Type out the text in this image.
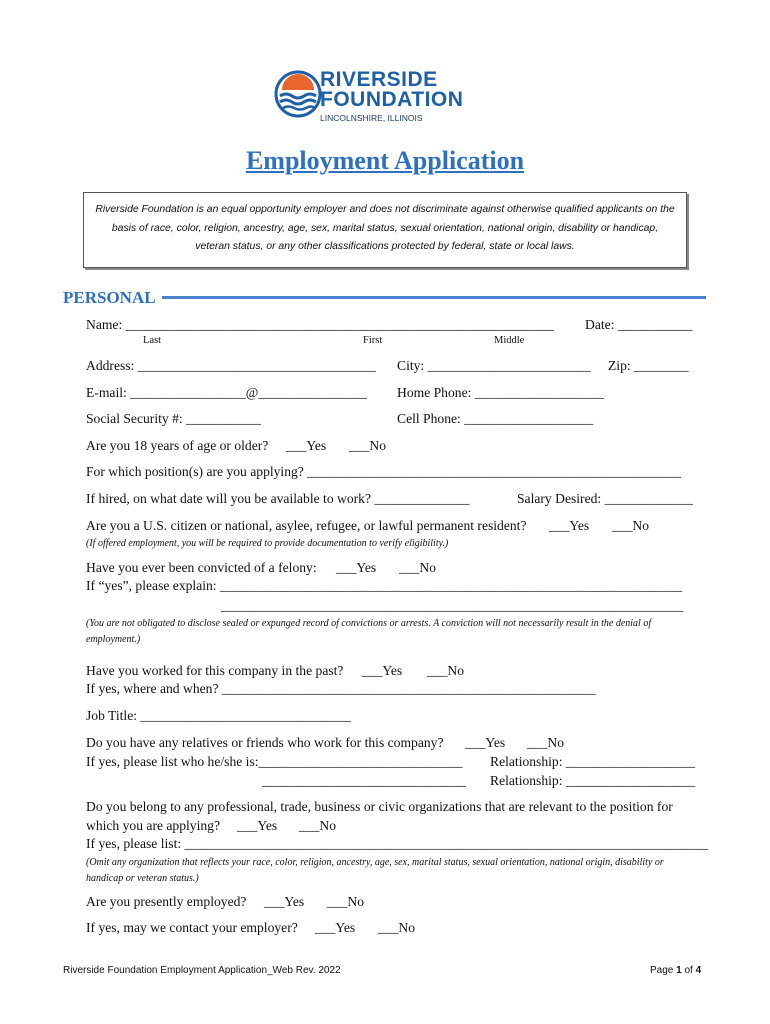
RIVERSIDE
FOUNDATION
LINCOLNSHIRE, ILLINOIS
Employment Application
Riverside Foundation is an equal opportunity employer and does not discriminate against otherwise qualified applicants on the basis of race, color, religion, ancestry, age, sex, marital status, sexual orientation, national origin, disability or handicap, veteran status, or any other classifications protected by federal, state or local laws.
PERSONAL
Name: _______________________________________________________________ Date: ___________
Last	First	Middle
Address: ___________________________________ City: ________________________ Zip: ________
E-mail: _________________@________________ Home Phone: ___________________
Social Security #: ___________	Cell Phone: ___________________
Are you 18 years of age or older? ___Yes ___No
For which position(s) are you applying? _______________________________________________________
If hired, on what date will you be available to work? ______________	Salary Desired: _____________
Are you a U.S. citizen or national, asylee, refugee, or lawful permanent resident? ___Yes ___No
(If offered employment, you will be required to provide documentation to verify eligibility.)
Have you ever been convicted of a felony: ___Yes ___No
If “yes”, please explain: ____________________________________________________________________
____________________________________________________________________
(You are not obligated to disclose sealed or expunged record of convictions or arrests. A conviction will not necessarily result in the denial of employment.)
Have you worked for this company in the past? ___Yes ___No
If yes, where and when? _______________________________________________________
Job Title: _______________________________
Do you have any relatives or friends who work for this company? ___Yes ___No
If yes, please list who he/she is:______________________________ Relationship: ___________________
______________________________ Relationship: ___________________
Do you belong to any professional, trade, business or civic organizations that are relevant to the position for
which you are applying? ___Yes ___No
If yes, please list: _____________________________________________________________________________
(Omit any organization that reflects your race, color, religion, ancestry, age, sex, marital status, sexual orientation, national origin, disability or handicap or veteran status.)
Are you presently employed? ___Yes ___No
If yes, may we contact your employer? ___Yes ___No
Riverside Foundation Employment Application_Web Rev. 2022	Page 1 of 4
